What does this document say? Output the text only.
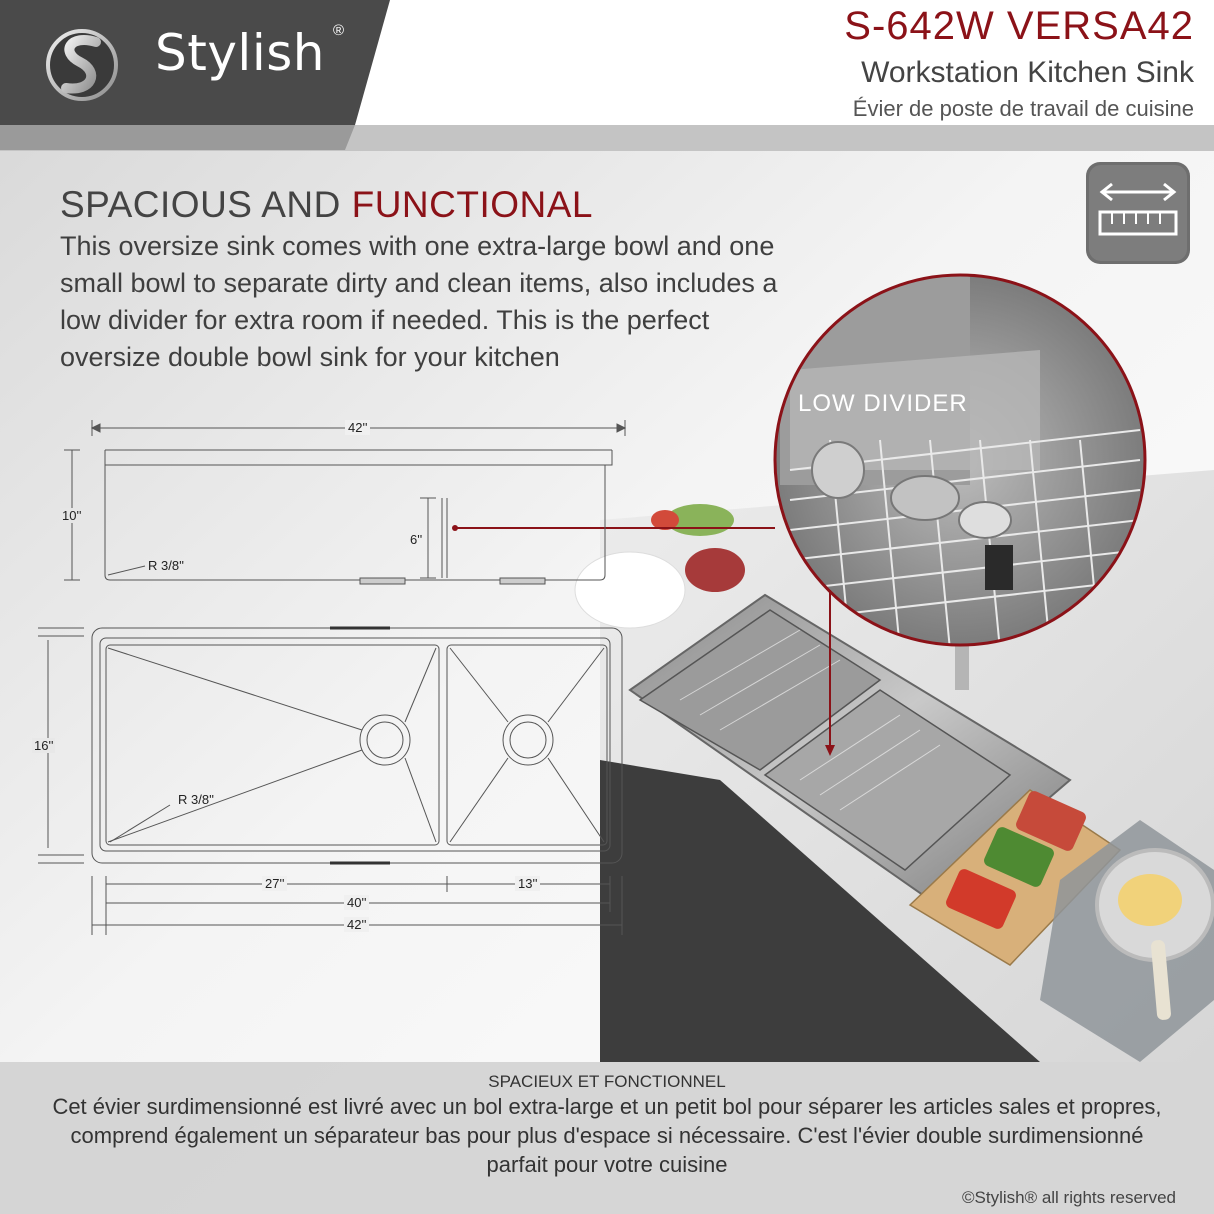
Stylish ®	S-642W VERSA42
Workstation Kitchen Sink
Évier de poste de travail de cuisine
SPACIOUS AND FUNCTIONAL
This oversize sink comes with one extra-large bowl and one small bowl to separate dirty and clean items, also includes a low divider for extra room if needed. This is the perfect oversize double bowl sink for your kitchen
LOW DIVIDER
42''
10''
6''
R 3/8''
16''
R 3/8''
27''	13''
40''
42''
SPACIEUX ET FONCTIONNEL
Cet évier surdimensionné est livré avec un bol extra-large et un petit bol pour séparer les articles sales et propres, comprend également un séparateur bas pour plus d'espace si nécessaire. C'est l'évier double surdimensionné parfait pour votre cuisine
©Stylish® all rights reserved
